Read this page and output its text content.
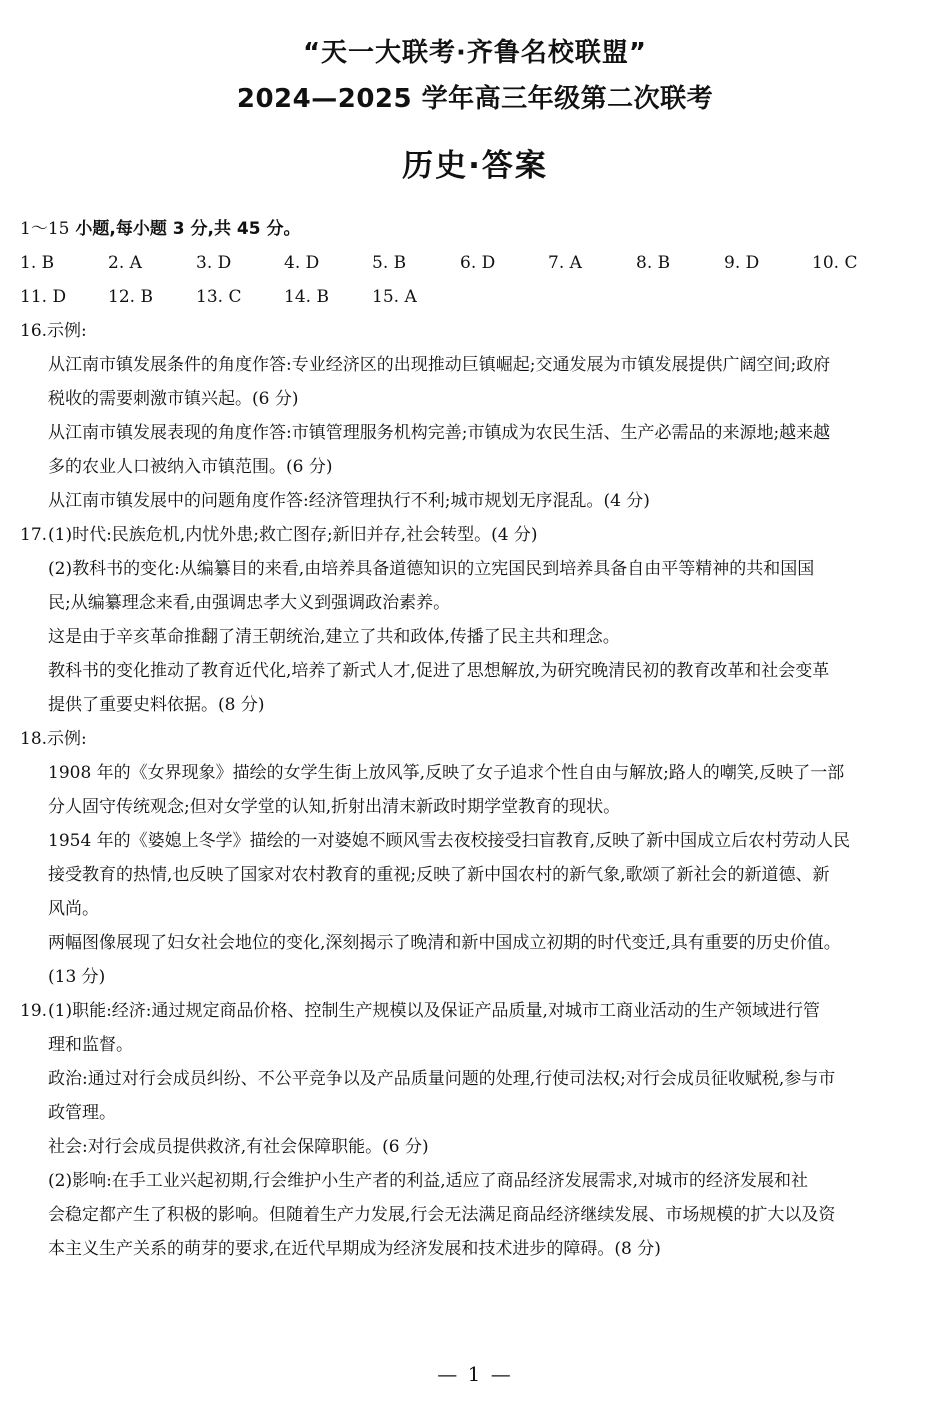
“天一大联考·齐鲁名校联盟”
2024—2025 学年高三年级第二次联考
历史·答案
1～15 小题,每小题 3 分,共 45 分。
1. B	2. A	3. D	4. D	5. B	6. D	7. A	8. B	9. D	10. C
11. D	12. B	13. C	14. B	15. A
16.示例:
从江南市镇发展条件的角度作答:专业经济区的出现推动巨镇崛起;交通发展为市镇发展提供广阔空间;政府
税收的需要刺激市镇兴起。(6 分)
从江南市镇发展表现的角度作答:市镇管理服务机构完善;市镇成为农民生活、生产必需品的来源地;越来越
多的农业人口被纳入市镇范围。(6 分)
从江南市镇发展中的问题角度作答:经济管理执行不利;城市规划无序混乱。(4 分)
17.(1)时代:民族危机,内忧外患;救亡图存;新旧并存,社会转型。(4 分)
(2)教科书的变化:从编纂目的来看,由培养具备道德知识的立宪国民到培养具备自由平等精神的共和国国
民;从编纂理念来看,由强调忠孝大义到强调政治素养。
这是由于辛亥革命推翻了清王朝统治,建立了共和政体,传播了民主共和理念。
教科书的变化推动了教育近代化,培养了新式人才,促进了思想解放,为研究晚清民初的教育改革和社会变革
提供了重要史料依据。(8 分)
18.示例:
1908 年的《女界现象》描绘的女学生街上放风筝,反映了女子追求个性自由与解放;路人的嘲笑,反映了一部
分人固守传统观念;但对女学堂的认知,折射出清末新政时期学堂教育的现状。
1954 年的《婆媳上冬学》描绘的一对婆媳不顾风雪去夜校接受扫盲教育,反映了新中国成立后农村劳动人民
接受教育的热情,也反映了国家对农村教育的重视;反映了新中国农村的新气象,歌颂了新社会的新道德、新
风尚。
两幅图像展现了妇女社会地位的变化,深刻揭示了晚清和新中国成立初期的时代变迁,具有重要的历史价值。
(13 分)
19.(1)职能:经济:通过规定商品价格、控制生产规模以及保证产品质量,对城市工商业活动的生产领域进行管
理和监督。
政治:通过对行会成员纠纷、不公平竞争以及产品质量问题的处理,行使司法权;对行会成员征收赋税,参与市
政管理。
社会:对行会成员提供救济,有社会保障职能。(6 分)
(2)影响:在手工业兴起初期,行会维护小生产者的利益,适应了商品经济发展需求,对城市的经济发展和社
会稳定都产生了积极的影响。但随着生产力发展,行会无法满足商品经济继续发展、市场规模的扩大以及资
本主义生产关系的萌芽的要求,在近代早期成为经济发展和技术进步的障碍。(8 分)
— 1 —
